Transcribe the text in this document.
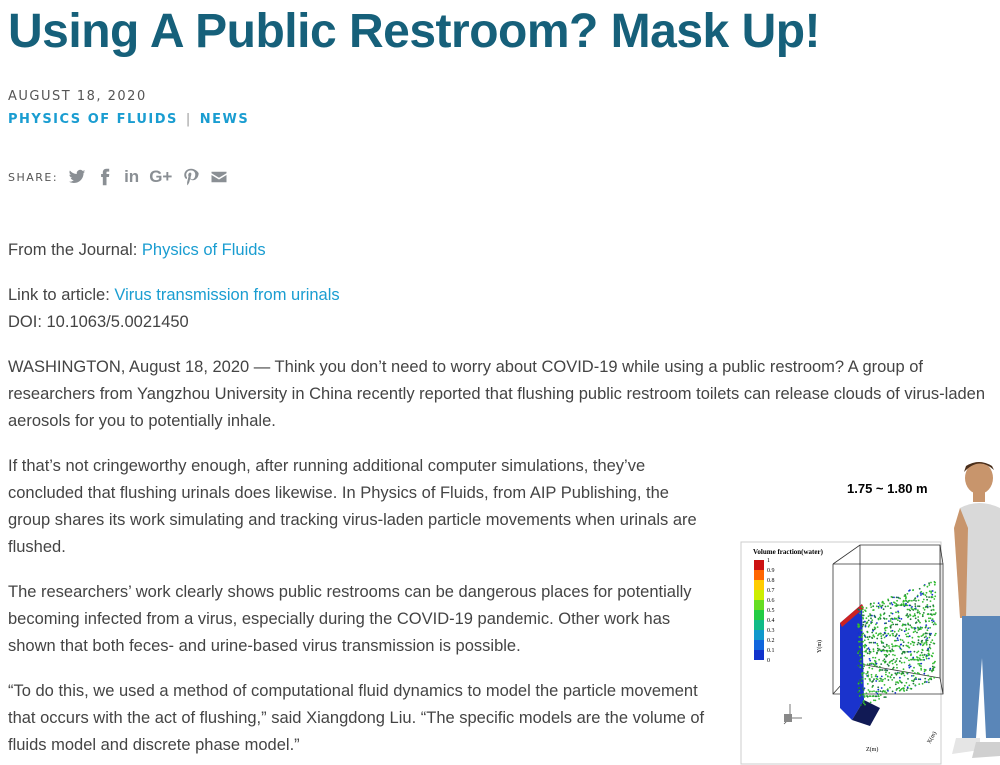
Using A Public Restroom? Mask Up!
AUGUST 18, 2020
PHYSICS OF FLUIDS | NEWS
SHARE:	in G+

From the Journal: Physics of Fluids

Link to article: Virus transmission from urinals
DOI: 10.1063/5.0021450

WASHINGTON, August 18, 2020 — Think you don’t need to worry about COVID-19 while using a public restroom? A group of researchers from Yangzhou University in China recently reported that flushing public restroom toilets can release clouds of virus-laden aerosols for you to potentially inhale.

If that’s not cringeworthy enough, after running additional computer simulations, they’ve concluded that flushing urinals does likewise. In Physics of Fluids, from AIP Publishing, the group shares its work simulating and tracking virus-laden particle movements when urinals are flushed.

The researchers’ work clearly shows public restrooms can be dangerous places for potentially becoming infected from a virus, especially during the COVID-19 pandemic. Other work has shown that both feces- and urine-based virus transmission is possible.

“To do this, we used a method of computational fluid dynamics to model the particle movement that occurs with the act of flushing,” said Xiangdong Liu. “The specific models are the volume of fluids model and discrete phase model.”

1.75 ~ 1.80 m
Volume fraction(water)
1
0.9
0.8
0.7
0.6
0.5
0.4
0.3
0.2
0.1
0
Y(m)
Z(m)
X(m)
